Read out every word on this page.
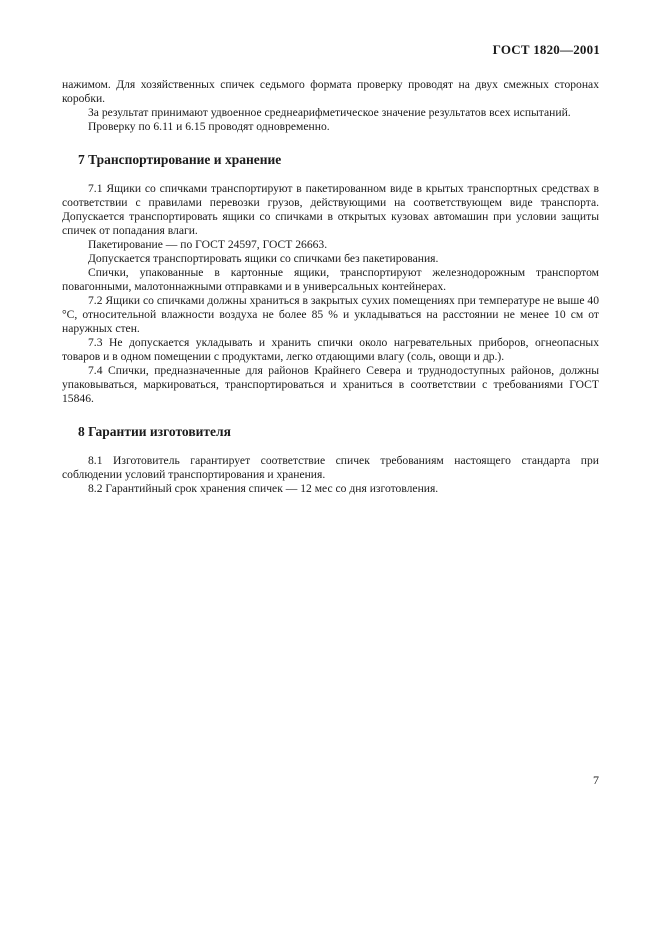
ГОСТ 1820—2001

нажимом. Для хозяйственных спичек седьмого формата проверку проводят на двух смежных сторонах коробки.

За результат принимают удвоенное среднеарифметическое значение результатов всех испытаний.

Проверку по 6.11 и 6.15 проводят одновременно.

7 Транспортирование и хранение

7.1 Ящики со спичками транспортируют в пакетированном виде в крытых транспортных средствах в соответствии с правилами перевозки грузов, действующими на соответствующем виде транспорта. Допускается транспортировать ящики со спичками в открытых кузовах автомашин при условии защиты спичек от попадания влаги.

Пакетирование — по ГОСТ 24597, ГОСТ 26663.

Допускается транспортировать ящики со спичками без пакетирования.

Спички, упакованные в картонные ящики, транспортируют железнодорожным транспортом повагонными, малотоннажными отправками и в универсальных контейнерах.

7.2 Ящики со спичками должны храниться в закрытых сухих помещениях при температуре не выше 40 °С, относительной влажности воздуха не более 85 % и укладываться на расстоянии не менее 10 см от наружных стен.

7.3 Не допускается укладывать и хранить спички около нагревательных приборов, огнеопасных товаров и в одном помещении с продуктами, легко отдающими влагу (соль, овощи и др.).

7.4 Спички, предназначенные для районов Крайнего Севера и труднодоступных районов, должны упаковываться, маркироваться, транспортироваться и храниться в соответствии с требованиями ГОСТ 15846.

8 Гарантии изготовителя

8.1 Изготовитель гарантирует соответствие спичек требованиям настоящего стандарта при соблюдении условий транспортирования и хранения.

8.2 Гарантийный срок хранения спичек — 12 мес со дня изготовления.

7
